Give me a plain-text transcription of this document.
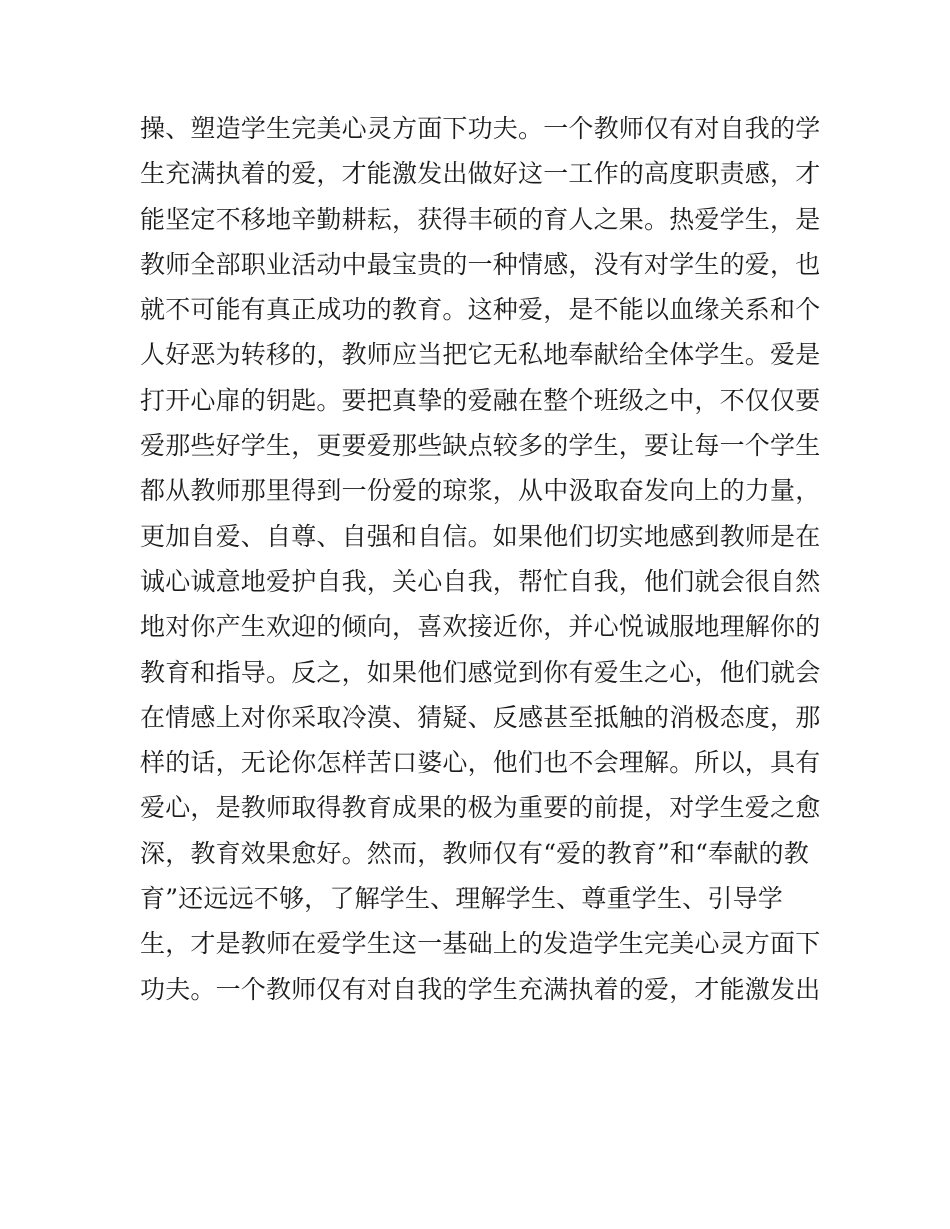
操、塑造学生完美心灵方面下功夫。一个教师仅有对自我的学
生充满执着的爱，才能激发出做好这一工作的高度职责感，才
能坚定不移地辛勤耕耘，获得丰硕的育人之果。热爱学生，是
教师全部职业活动中最宝贵的一种情感，没有对学生的爱，也
就不可能有真正成功的教育。这种爱，是不能以血缘关系和个
人好恶为转移的，教师应当把它无私地奉献给全体学生。爱是
打开心扉的钥匙。要把真挚的爱融在整个班级之中，不仅仅要
爱那些好学生，更要爱那些缺点较多的学生，要让每一个学生
都从教师那里得到一份爱的琼浆，从中汲取奋发向上的力量，
更加自爱、自尊、自强和自信。如果他们切实地感到教师是在
诚心诚意地爱护自我，关心自我，帮忙自我，他们就会很自然
地对你产生欢迎的倾向，喜欢接近你，并心悦诚服地理解你的
教育和指导。反之，如果他们感觉到你有爱生之心，他们就会
在情感上对你采取冷漠、猜疑、反感甚至抵触的消极态度，那
样的话，无论你怎样苦口婆心，他们也不会理解。所以，具有
爱心，是教师取得教育成果的极为重要的前提，对学生爱之愈
深，教育效果愈好。然而，教师仅有“爱的教育”和“奉献的教
育”还远远不够，了解学生、理解学生、尊重学生、引导学
生，才是教师在爱学生这一基础上的发造学生完美心灵方面下
功夫。一个教师仅有对自我的学生充满执着的爱，才能激发出
